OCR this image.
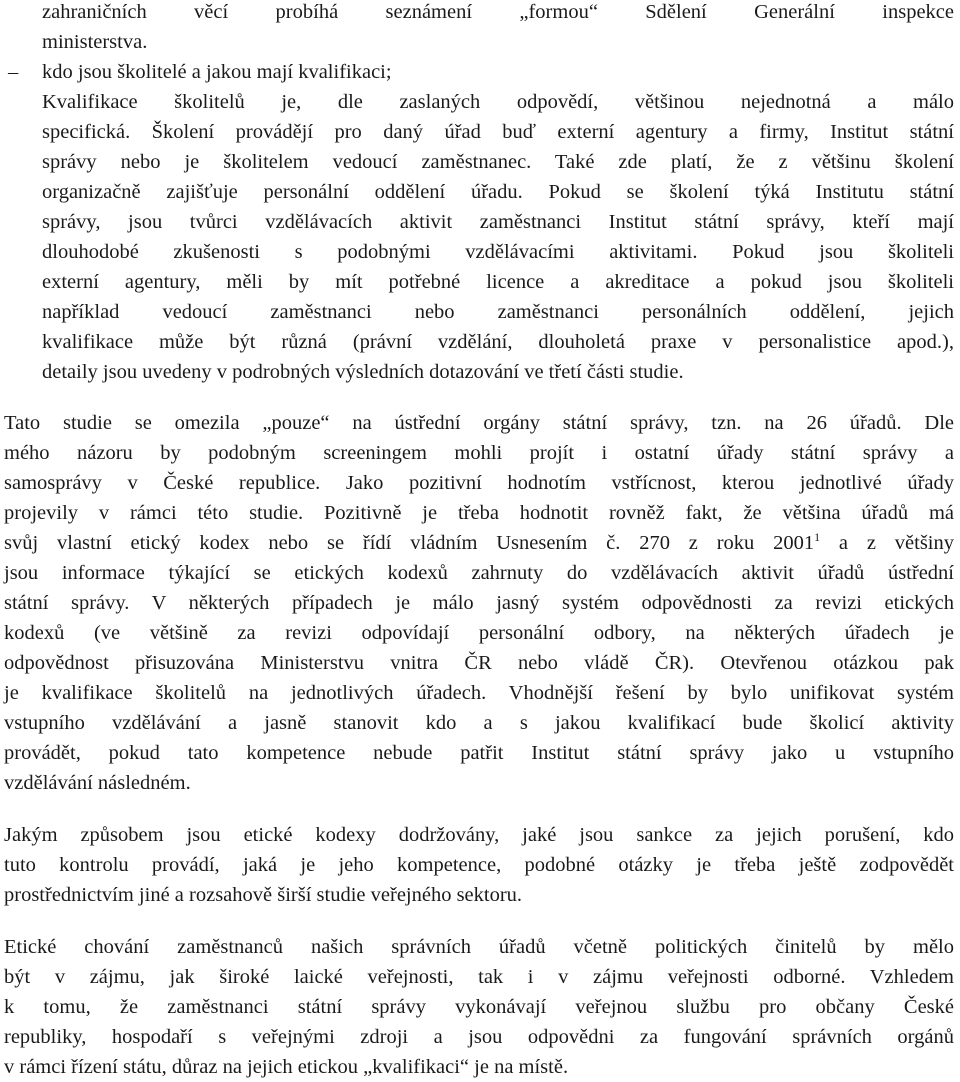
zahraničních věcí probíhá seznámení „formou“ Sdělení Generální inspekce
ministerstva.
– kdo jsou školitelé a jakou mají kvalifikaci;
Kvalifikace školitelů je, dle zaslaných odpovědí, většinou nejednotná a málo
specifická. Školení provádějí pro daný úřad buď externí agentury a firmy, Institut státní
správy nebo je školitelem vedoucí zaměstnanec. Také zde platí, že z většinu školení
organizačně zajišťuje personální oddělení úřadu. Pokud se školení týká Institutu státní
správy, jsou tvůrci vzdělávacích aktivit zaměstnanci Institut státní správy, kteří mají
dlouhodobé zkušenosti s podobnými vzdělávacími aktivitami. Pokud jsou školiteli
externí agentury, měli by mít potřebné licence a akreditace a pokud jsou školiteli
například vedoucí zaměstnanci nebo zaměstnanci personálních oddělení, jejich
kvalifikace může být různá (právní vzdělání, dlouholetá praxe v personalistice apod.),
detaily jsou uvedeny v podrobných výsledních dotazování ve třetí části studie.
Tato studie se omezila „pouze“ na ústřední orgány státní správy, tzn. na 26 úřadů. Dle
mého názoru by podobným screeningem mohli projít i ostatní úřady státní správy a
samosprávy v České republice. Jako pozitivní hodnotím vstřícnost, kterou jednotlivé úřady
projevily v rámci této studie. Pozitivně je třeba hodnotit rovněž fakt, že většina úřadů má
svůj vlastní etický kodex nebo se řídí vládním Usnesením č. 270 z roku 2001$^1$ a z většiny
jsou informace týkající se etických kodexů zahrnuty do vzdělávacích aktivit úřadů ústřední
státní správy. V některých případech je málo jasný systém odpovědnosti za revizi etických
kodexů (ve většině za revizi odpovídají personální odbory, na některých úřadech je
odpovědnost přisuzována Ministerstvu vnitra ČR nebo vládě ČR). Otevřenou otázkou pak
je kvalifikace školitelů na jednotlivých úřadech. Vhodnější řešení by bylo unifikovat systém
vstupního vzdělávání a jasně stanovit kdo a s jakou kvalifikací bude školicí aktivity
provádět, pokud tato kompetence nebude patřit Institut státní správy jako u vstupního
vzdělávání následném.
Jakým způsobem jsou etické kodexy dodržovány, jaké jsou sankce za jejich porušení, kdo
tuto kontrolu provádí, jaká je jeho kompetence, podobné otázky je třeba ještě zodpovědět
prostřednictvím jiné a rozsahově širší studie veřejného sektoru.
Etické chování zaměstnanců našich správních úřadů včetně politických činitelů by mělo
být v zájmu, jak široké laické veřejnosti, tak i v zájmu veřejnosti odborné. Vzhledem
k tomu, že zaměstnanci státní správy vykonávají veřejnou službu pro občany České
republiky, hospodaří s veřejnými zdroji a jsou odpovědni za fungování správních orgánů
v rámci řízení státu, důraz na jejich etickou „kvalifikaci“ je na místě.
